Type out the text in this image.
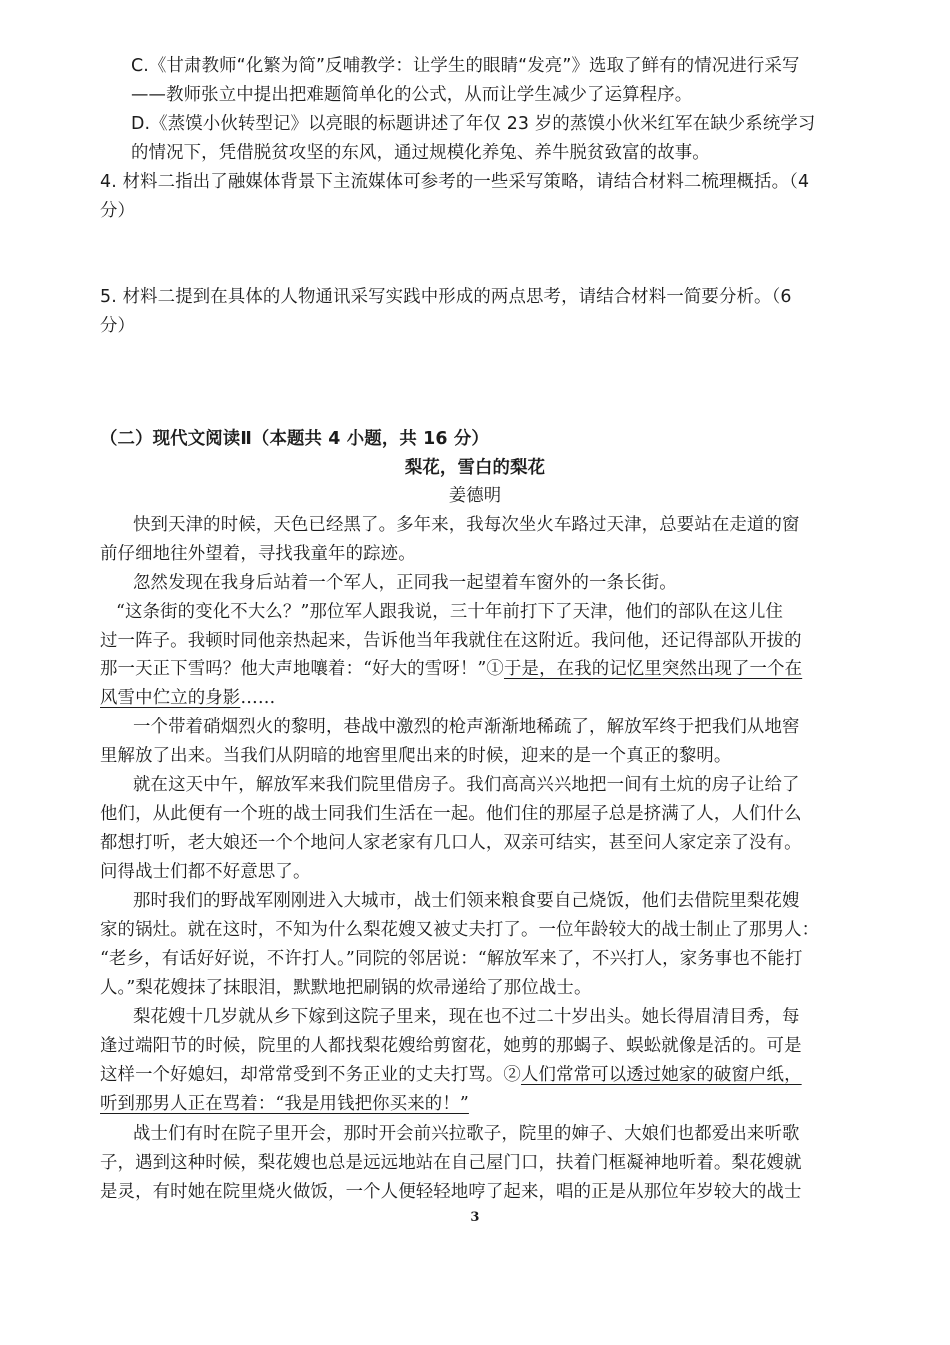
C.《甘肃教师“化繁为简”反哺教学：让学生的眼睛“发亮”》选取了鲜有的情况进行采写
——教师张立中提出把难题简单化的公式，从而让学生减少了运算程序。
D.《蒸馍小伙转型记》以亮眼的标题讲述了年仅 23 岁的蒸馍小伙米红军在缺少系统学习
的情况下，凭借脱贫攻坚的东风，通过规模化养兔、养牛脱贫致富的故事。
4. 材料二指出了融媒体背景下主流媒体可参考的一些采写策略，请结合材料二梳理概括。（4
分）
5. 材料二提到在具体的人物通讯采写实践中形成的两点思考，请结合材料一简要分析。（6
分）
（二）现代文阅读Ⅱ（本题共 4 小题，共 16 分）
梨花，雪白的梨花
姜德明
快到天津的时候，天色已经黑了。多年来，我每次坐火车路过天津，总要站在走道的窗
前仔细地往外望着，寻找我童年的踪迹。
忽然发现在我身后站着一个军人，正同我一起望着车窗外的一条长街。
“这条街的变化不大么？”那位军人跟我说，三十年前打下了天津，他们的部队在这儿住
过一阵子。我顿时同他亲热起来，告诉他当年我就住在这附近。我问他，还记得部队开拔的
那一天正下雪吗？他大声地嚷着：“好大的雪呀！”①于是，在我的记忆里突然出现了一个在
风雪中伫立的身影……
一个带着硝烟烈火的黎明，巷战中激烈的枪声渐渐地稀疏了，解放军终于把我们从地窖
里解放了出来。当我们从阴暗的地窖里爬出来的时候，迎来的是一个真正的黎明。
就在这天中午，解放军来我们院里借房子。我们高高兴兴地把一间有土炕的房子让给了
他们，从此便有一个班的战士同我们生活在一起。他们住的那屋子总是挤满了人，人们什么
都想打听，老大娘还一个个地问人家老家有几口人，双亲可结实，甚至问人家定亲了没有。
问得战士们都不好意思了。
那时我们的野战军刚刚进入大城市，战士们领来粮食要自己烧饭，他们去借院里梨花嫂
家的锅灶。就在这时，不知为什么梨花嫂又被丈夫打了。一位年龄较大的战士制止了那男人：
“老乡，有话好好说，不许打人。”同院的邻居说：“解放军来了，不兴打人，家务事也不能打
人。”梨花嫂抹了抹眼泪，默默地把刷锅的炊帚递给了那位战士。
梨花嫂十几岁就从乡下嫁到这院子里来，现在也不过二十岁出头。她长得眉清目秀，每
逢过端阳节的时候，院里的人都找梨花嫂给剪窗花，她剪的那蝎子、蜈蚣就像是活的。可是
这样一个好媳妇，却常常受到不务正业的丈夫打骂。②人们常常可以透过她家的破窗户纸，
听到那男人正在骂着：“我是用钱把你买来的！”
战士们有时在院子里开会，那时开会前兴拉歌子，院里的婶子、大娘们也都爱出来听歌
子，遇到这种时候，梨花嫂也总是远远地站在自己屋门口，扶着门框凝神地听着。梨花嫂就
是灵，有时她在院里烧火做饭，一个人便轻轻地哼了起来，唱的正是从那位年岁较大的战士
3
